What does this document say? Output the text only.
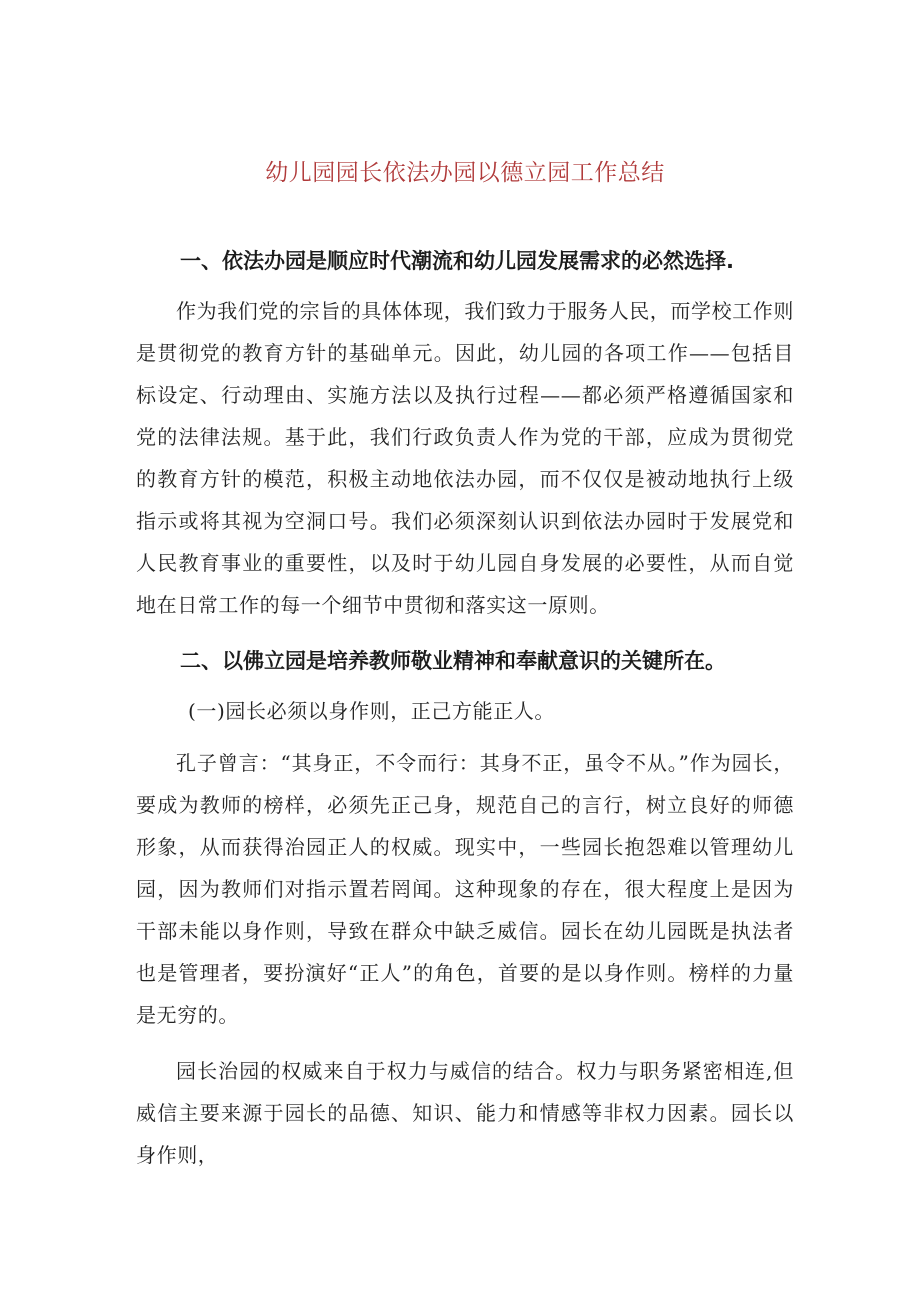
幼儿园园长依法办园以德立园工作总结
一、依法办园是顺应时代潮流和幼儿园发展需求的必然选择.

作为我们党的宗旨的具体体现，我们致力于服务人民，而学校工作则是贯彻党的教育方针的基础单元。因此，幼儿园的各项工作——包括目标设定、行动理由、实施方法以及执行过程——都必须严格遵循国家和党的法律法规。基于此，我们行政负责人作为党的干部，应成为贯彻党的教育方针的模范，积极主动地依法办园，而不仅仅是被动地执行上级指示或将其视为空洞口号。我们必须深刻认识到依法办园时于发展党和人民教育事业的重要性，以及时于幼儿园自身发展的必要性，从而自觉地在日常工作的每一个细节中贯彻和落实这一原则。

二、以佛立园是培养教师敬业精神和奉献意识的关键所在。

(一)园长必须以身作则，正己方能正人。

孔子曾言：“其身正，不令而行：其身不正，虽令不从。”作为园长，要成为教师的榜样，必须先正己身，规范自己的言行，树立良好的师德形象，从而获得治园正人的权威。现实中，一些园长抱怨难以管理幼儿园，因为教师们对指示置若罔闻。这种现象的存在，很大程度上是因为干部未能以身作则，导致在群众中缺乏威信。园长在幼儿园既是执法者也是管理者，要扮演好“正人”的角色，首要的是以身作则。榜样的力量是无穷的。

园长治园的权威来自于权力与威信的结合。权力与职务紧密相连,但威信主要来源于园长的品德、知识、能力和情感等非权力因素。园长以身作则，
